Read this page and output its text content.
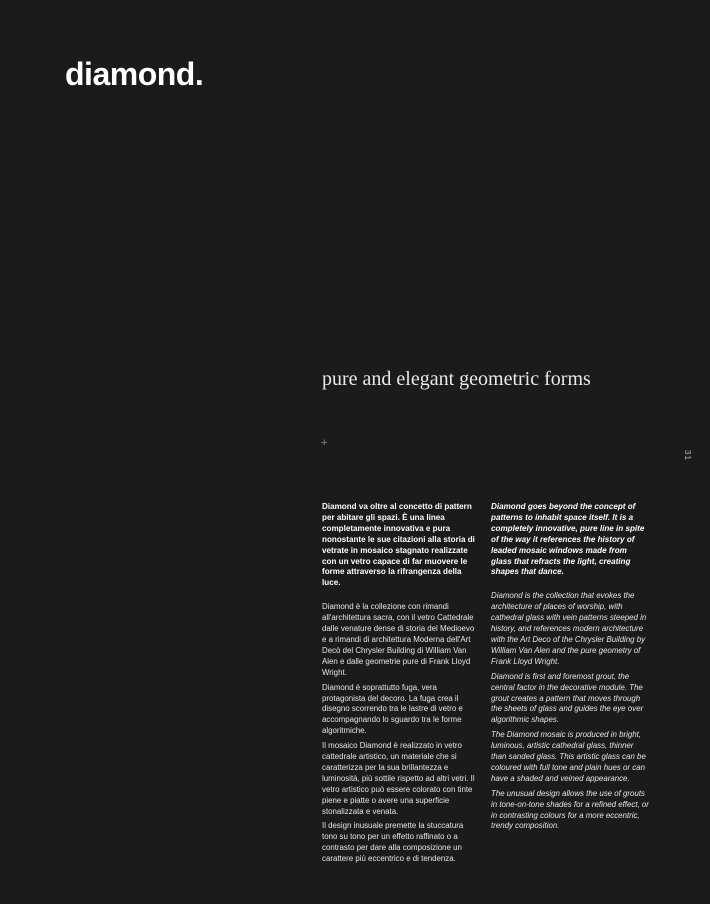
diamond.
pure and elegant geometric forms
+
31

Diamond va oltre al concetto di pattern per abitare gli spazi. È una linea completamente innovativa e pura nonostante le sue citazioni alla storia di vetrate in mosaico stagnato realizzate con un vetro capace di far muovere le forme attraverso la rifrangenza della luce.

Diamond è la collezione con rimandi all'architettura sacra, con il vetro Cattedrale dalle venature dense di storia del Medioevo e a rimandi di architettura Moderna dell'Art Decò del Chrysler Building di William Van Alen e dalle geometrie pure di Frank Lloyd Wright.

Diamond è soprattutto fuga, vera protagonista del decoro. La fuga crea il disegno scorrendo tra le lastre di vetro e accompagnando lo sguardo tra le forme algoritmiche.

Il mosaico Diamond è realizzato in vetro cattedrale artistico, un materiale che si caratterizza per la sua brillantezza e luminosità, più sottile rispetto ad altri vetri. Il vetro artistico può essere colorato con tinte piene e piatte o avere una superficie stonalizzata e venata.

Il design inusuale premette la stuccatura tono su tono per un effetto raffinato o a contrasto per dare alla composizione un carattere più eccentrico e di tendenza.

Diamond goes beyond the concept of patterns to inhabit space itself. It is a completely innovative, pure line in spite of the way it references the history of leaded mosaic windows made from glass that refracts the light, creating shapes that dance.

Diamond is the collection that evokes the architecture of places of worship, with cathedral glass with vein patterns steeped in history, and references modern architecture with the Art Deco of the Chrysler Building by William Van Alen and the pure geometry of Frank Lloyd Wright.

Diamond is first and foremost grout, the central factor in the decorative module. The grout creates a pattern that moves through the sheets of glass and guides the eye over algorithmic shapes.

The Diamond mosaic is produced in bright, luminous, artistic cathedral glass, thinner than sanded glass. This artistic glass can be coloured with full tone and plain hues or can have a shaded and veined appearance.

The unusual design allows the use of grouts in tone-on-tone shades for a refined effect, or in contrasting colours for a more eccentric, trendy composition.
